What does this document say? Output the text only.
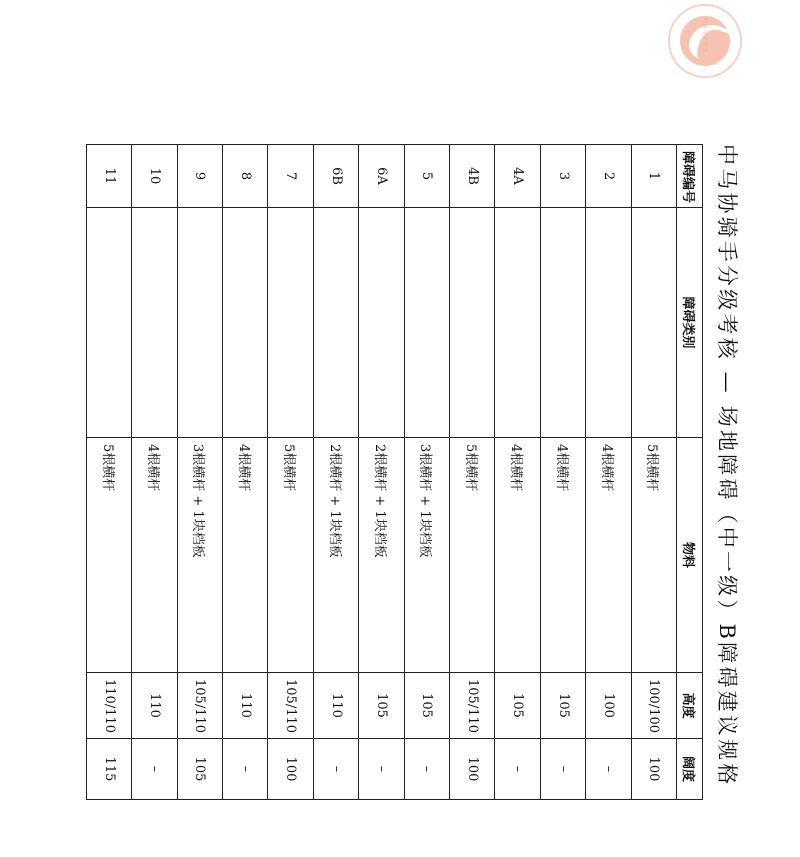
中国马术协会
中马协骑手分级考核 — 场地障碍（中一级）B障碍建议规格
障碍编号	障碍类别	物料	高度	阔度
1		5根横杆	100/100	100
2		4根横杆	100	–
3		4根横杆	105	–
4A		4根横杆	105	–
4B		5根横杆	105/110	100
5		3根横杆 + 1块档板	105	–
6A		2根横杆 + 1块档板	105	–
6B		2根横杆 + 1块档板	110	–
7		5根横杆	105/110	100
8		4根横杆	110	–
9		3根横杆 + 1块档板	105/110	105
10		4根横杆	110	–
11		5根横杆	110/110	115
